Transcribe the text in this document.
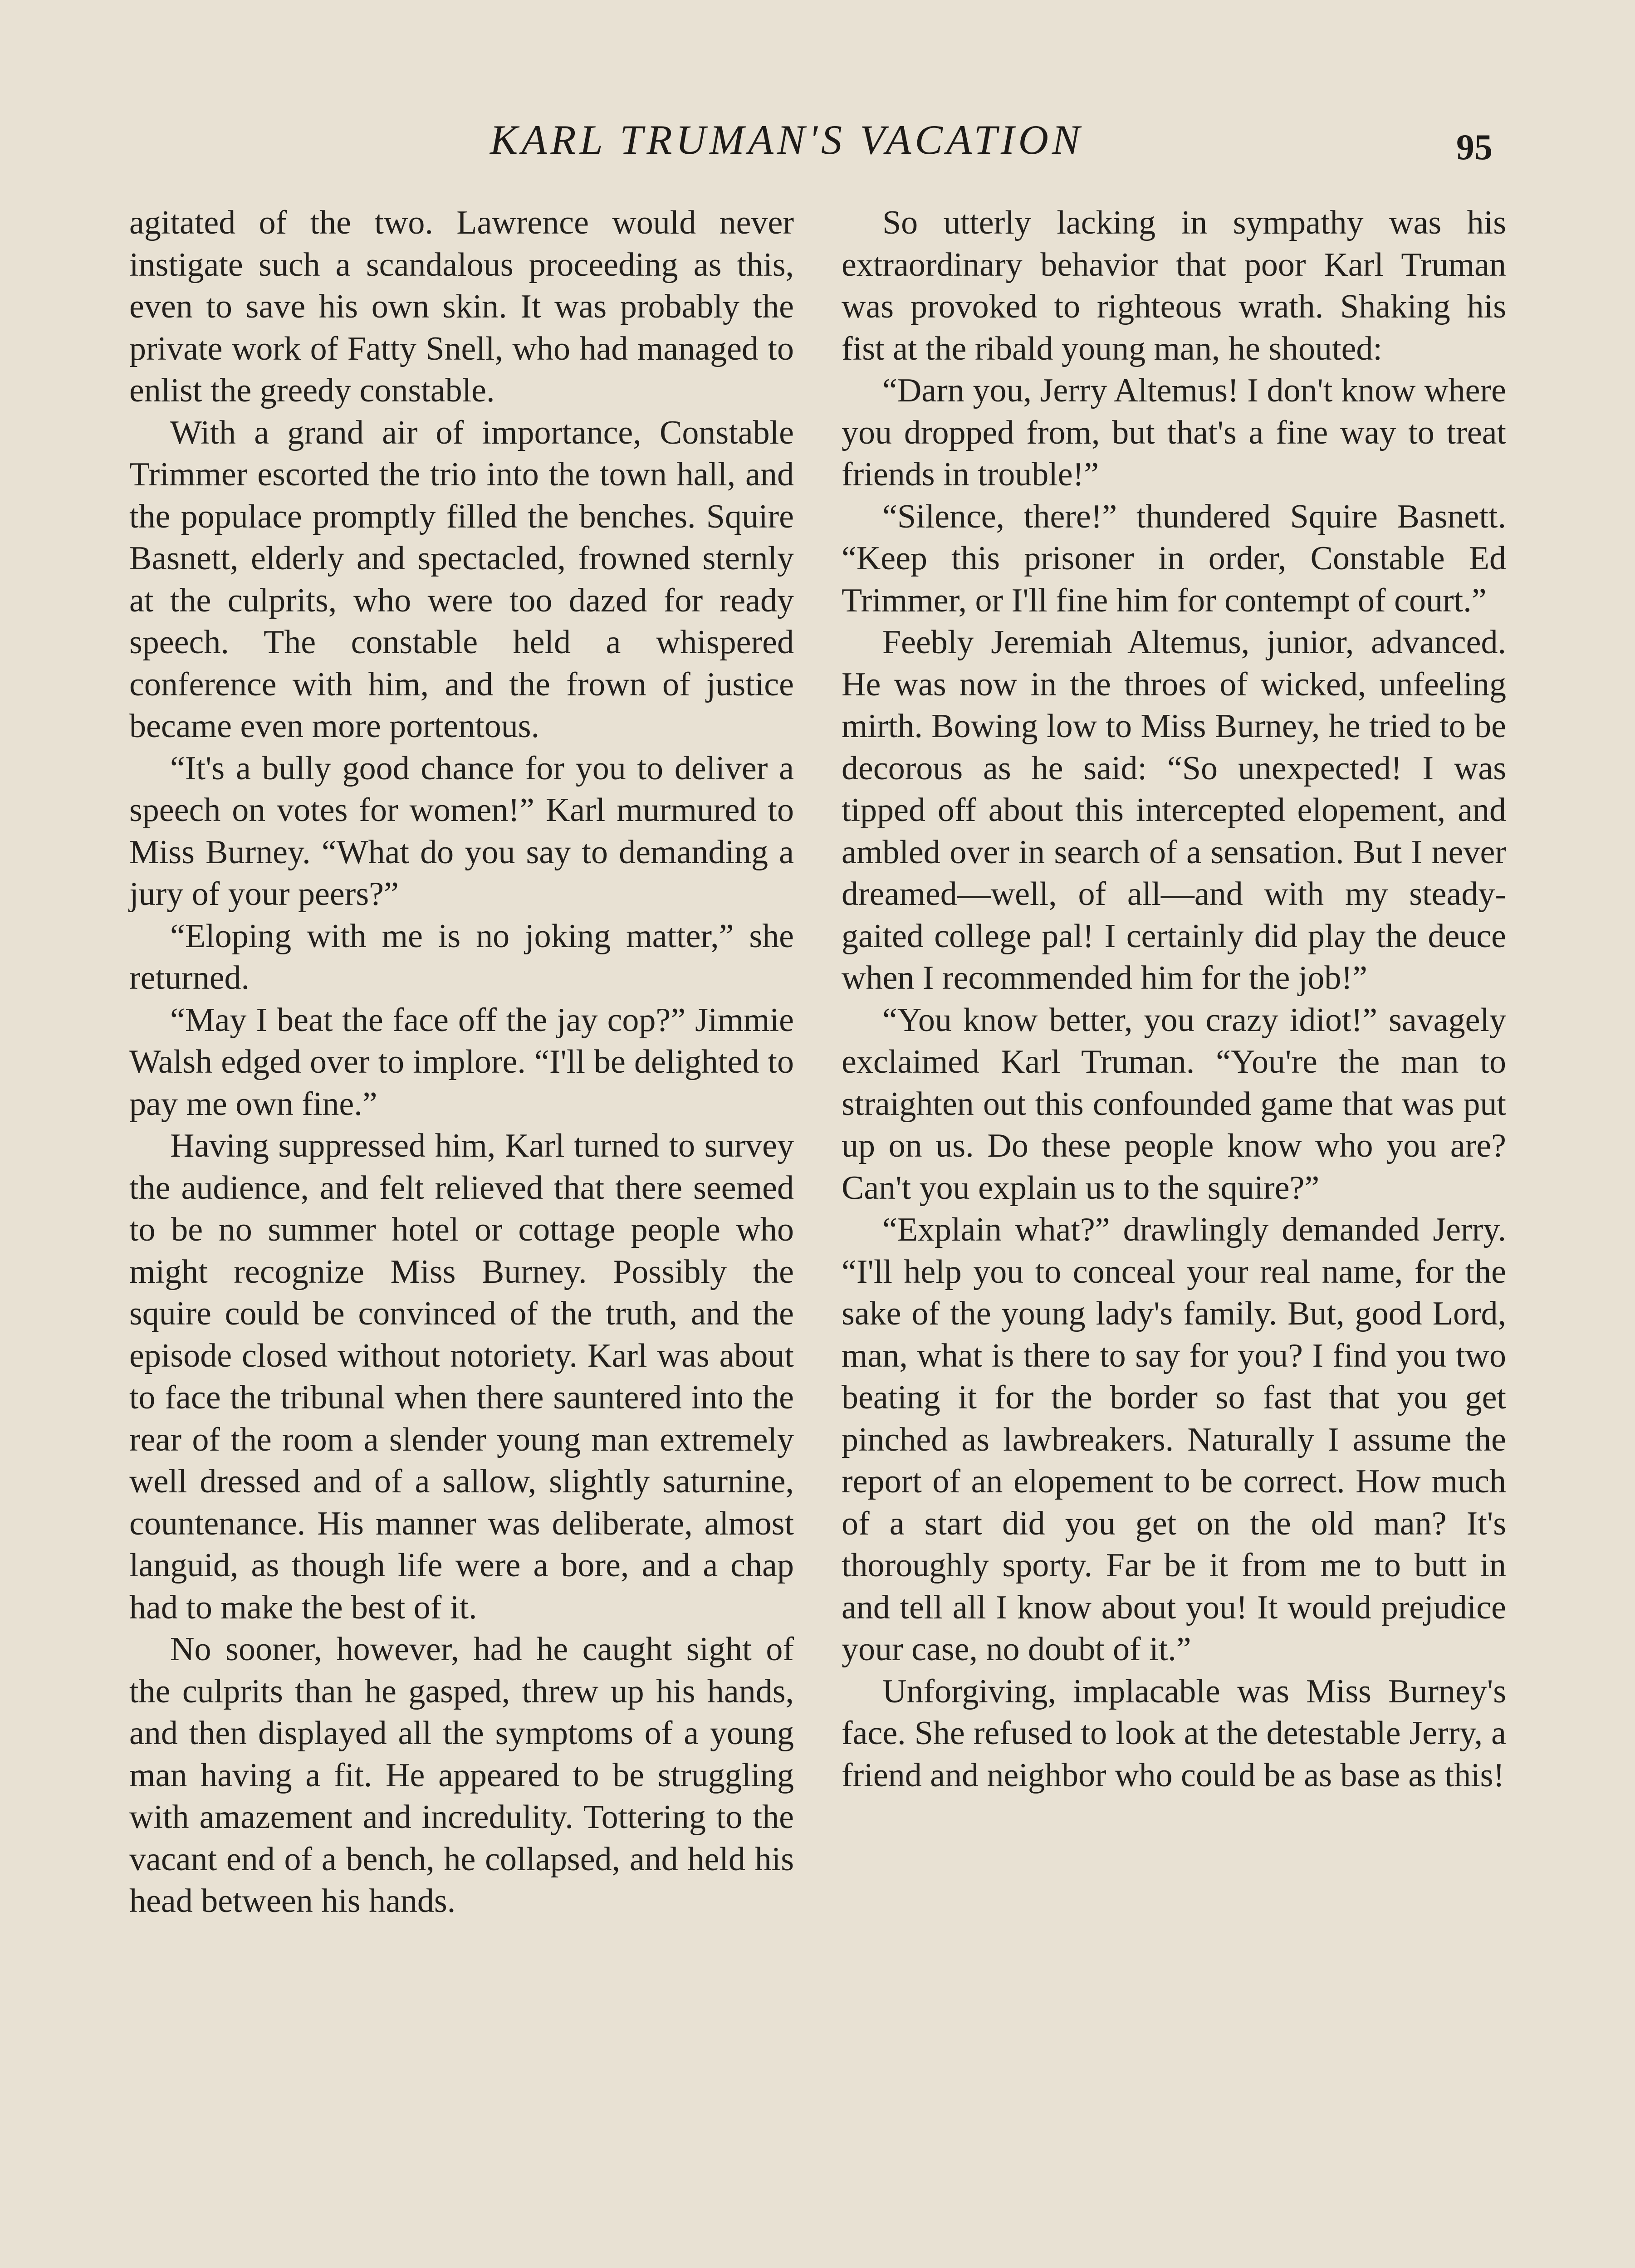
KARL TRUMAN'S VACATION	95

agitated of the two. Lawrence would never instigate such a scandalous proceeding as this, even to save his own skin. It was probably the private work of Fatty Snell, who had managed to enlist the greedy constable.

With a grand air of importance, Constable Trimmer escorted the trio into the town hall, and the populace promptly filled the benches. Squire Basnett, elderly and spectacled, frowned sternly at the culprits, who were too dazed for ready speech. The constable held a whispered conference with him, and the frown of justice became even more portentous.

“It's a bully good chance for you to deliver a speech on votes for women!” Karl murmured to Miss Burney. “What do you say to demanding a jury of your peers?”

“Eloping with me is no joking matter,” she returned.

“May I beat the face off the jay cop?” Jimmie Walsh edged over to implore. “I'll be delighted to pay me own fine.”

Having suppressed him, Karl turned to survey the audience, and felt relieved that there seemed to be no summer hotel or cottage people who might recognize Miss Burney. Possibly the squire could be convinced of the truth, and the episode closed without notoriety. Karl was about to face the tribunal when there sauntered into the rear of the room a slender young man extremely well dressed and of a sallow, slightly saturnine, countenance. His manner was deliberate, almost languid, as though life were a bore, and a chap had to make the best of it.

No sooner, however, had he caught sight of the culprits than he gasped, threw up his hands, and then displayed all the symptoms of a young man having a fit. He appeared to be struggling with amazement and incredulity. Tottering to the vacant end of a bench, he collapsed, and held his head between his hands.

So utterly lacking in sympathy was his extraordinary behavior that poor Karl Truman was provoked to righteous wrath. Shaking his fist at the ribald young man, he shouted:

“Darn you, Jerry Altemus! I don't know where you dropped from, but that's a fine way to treat friends in trouble!”

“Silence, there!” thundered Squire Basnett. “Keep this prisoner in order, Constable Ed Trimmer, or I'll fine him for contempt of court.”

Feebly Jeremiah Altemus, junior, advanced. He was now in the throes of wicked, unfeeling mirth. Bowing low to Miss Burney, he tried to be decorous as he said: “So unexpected! I was tipped off about this intercepted elopement, and ambled over in search of a sensation. But I never dreamed—well, of all—and with my steady-gaited college pal! I certainly did play the deuce when I recommended him for the job!”

“You know better, you crazy idiot!” savagely exclaimed Karl Truman. “You're the man to straighten out this confounded game that was put up on us. Do these people know who you are? Can't you explain us to the squire?”

“Explain what?” drawlingly demanded Jerry. “I'll help you to conceal your real name, for the sake of the young lady's family. But, good Lord, man, what is there to say for you? I find you two beating it for the border so fast that you get pinched as lawbreakers. Naturally I assume the report of an elopement to be correct. How much of a start did you get on the old man? It's thoroughly sporty. Far be it from me to butt in and tell all I know about you! It would prejudice your case, no doubt of it.”

Unforgiving, implacable was Miss Burney's face. She refused to look at the detestable Jerry, a friend and neighbor who could be as base as this!
